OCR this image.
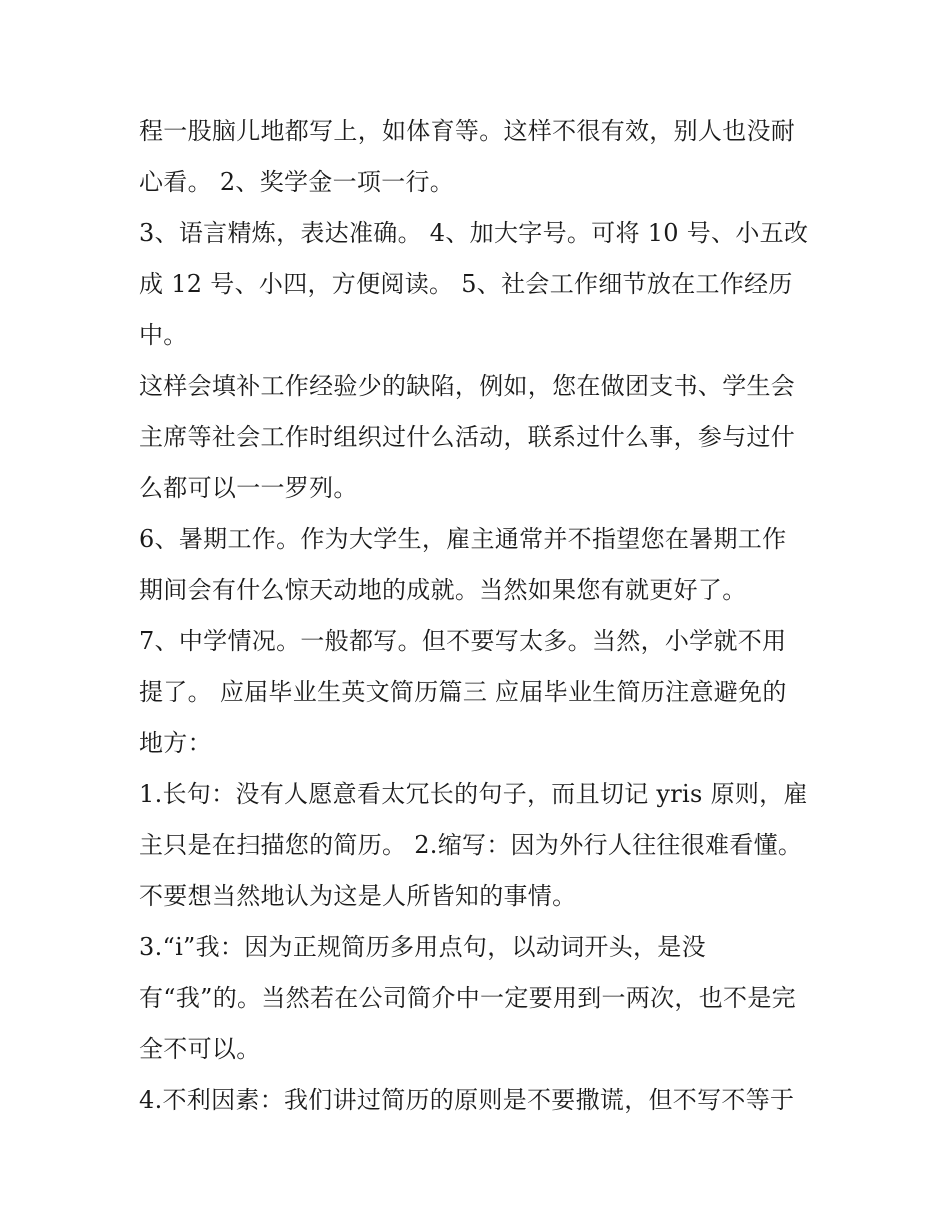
程一股脑儿地都写上，如体育等。这样不很有效，别人也没耐
心看。 2、奖学金一项一行。
3、语言精炼，表达准确。 4、加大字号。可将 10 号、小五改
成 12 号、小四，方便阅读。 5、社会工作细节放在工作经历
中。
这样会填补工作经验少的缺陷，例如，您在做团支书、学生会
主席等社会工作时组织过什么活动，联系过什么事，参与过什
么都可以一一罗列。
6、暑期工作。作为大学生，雇主通常并不指望您在暑期工作
期间会有什么惊天动地的成就。当然如果您有就更好了。
7、中学情况。一般都写。但不要写太多。当然，小学就不用
提了。 应届毕业生英文简历篇三 应届毕业生简历注意避免的
地方：
1.长句：没有人愿意看太冗长的句子，而且切记 yris 原则，雇
主只是在扫描您的简历。 2.缩写：因为外行人往往很难看懂。
不要想当然地认为这是人所皆知的事情。
3.“i”我：因为正规简历多用点句，以动词开头，是没
有“我”的。当然若在公司简介中一定要用到一两次，也不是完
全不可以。
4.不利因素：我们讲过简历的原则是不要撒谎，但不写不等于
